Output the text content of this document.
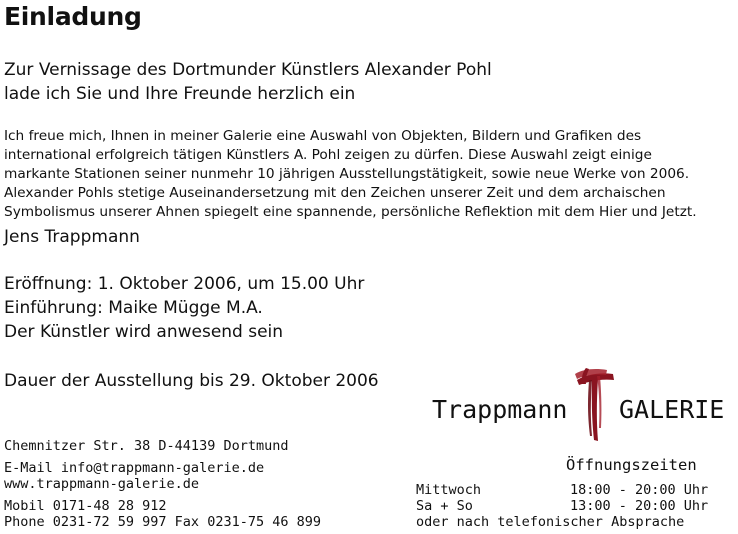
Einladung
Zur Vernissage des Dortmunder Künstlers Alexander Pohl
lade ich Sie und Ihre Freunde herzlich ein
Ich freue mich, Ihnen in meiner Galerie eine Auswahl von Objekten, Bildern und Grafiken des
international erfolgreich tätigen Künstlers A. Pohl zeigen zu dürfen. Diese Auswahl zeigt einige
markante Stationen seiner nunmehr 10 jährigen Ausstellungstätigkeit, sowie neue Werke von 2006.
Alexander Pohls stetige Auseinandersetzung mit den Zeichen unserer Zeit und dem archaischen
Symbolismus unserer Ahnen spiegelt eine spannende, persönliche Reflektion mit dem Hier und Jetzt.
Jens Trappmann
Eröffnung: 1. Oktober 2006, um 15.00 Uhr
Einführung: Maike Mügge M.A.
Der Künstler wird anwesend sein
Dauer der Ausstellung bis 29. Oktober 2006
Trappmann GALERIE
Chemnitzer Str. 38 D-44139 Dortmund
E-Mail info@trappmann-galerie.de
www.trappmann-galerie.de
Mobil 0171-48 28 912
Phone 0231-72 59 997 Fax 0231-75 46 899
Öffnungszeiten
Mittwoch	18:00 - 20:00 Uhr
Sa + So	13:00 - 20:00 Uhr
oder nach telefonischer Absprache
